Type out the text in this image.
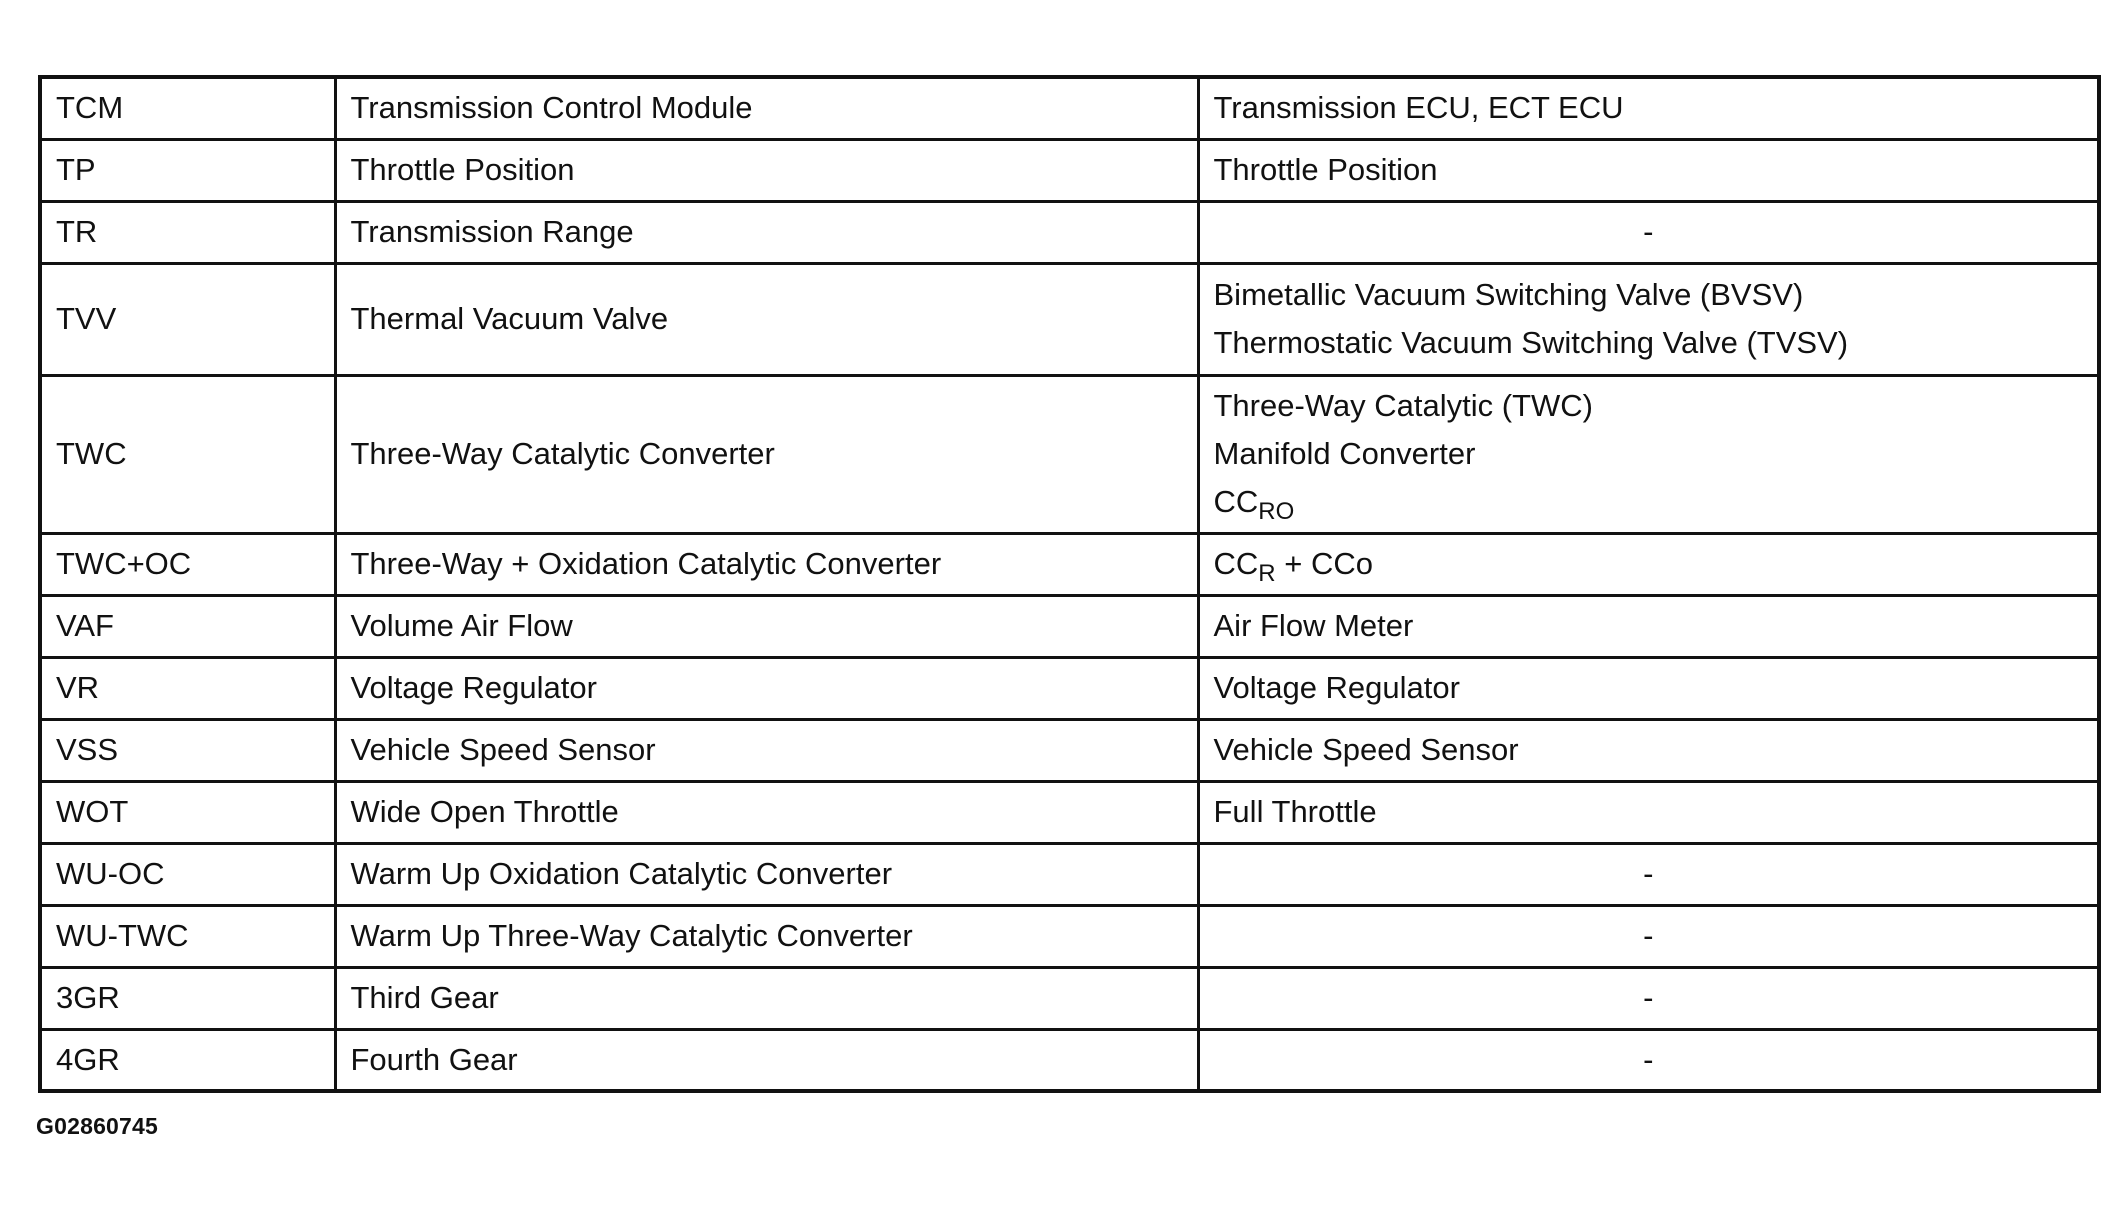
TCM	Transmission Control Module	Transmission ECU, ECT ECU
TP	Throttle Position	Throttle Position
TR	Transmission Range	-
TVV	Thermal Vacuum Valve	Bimetallic Vacuum Switching Valve (BVSV)
Thermostatic Vacuum Switching Valve (TVSV)

TWC	Three-Way Catalytic Converter	Three-Way Catalytic (TWC)
Manifold Converter
$CC_{RO}$

TWC+OC	Three-Way + Oxidation Catalytic Converter	$CC_R$ + CCo
VAF	Volume Air Flow	Air Flow Meter
VR	Voltage Regulator	Voltage Regulator
VSS	Vehicle Speed Sensor	Vehicle Speed Sensor
WOT	Wide Open Throttle	Full Throttle
WU-OC	Warm Up Oxidation Catalytic Converter	-
WU-TWC	Warm Up Three-Way Catalytic Converter	-
3GR	Third Gear	-
4GR	Fourth Gear	-
G02860745
